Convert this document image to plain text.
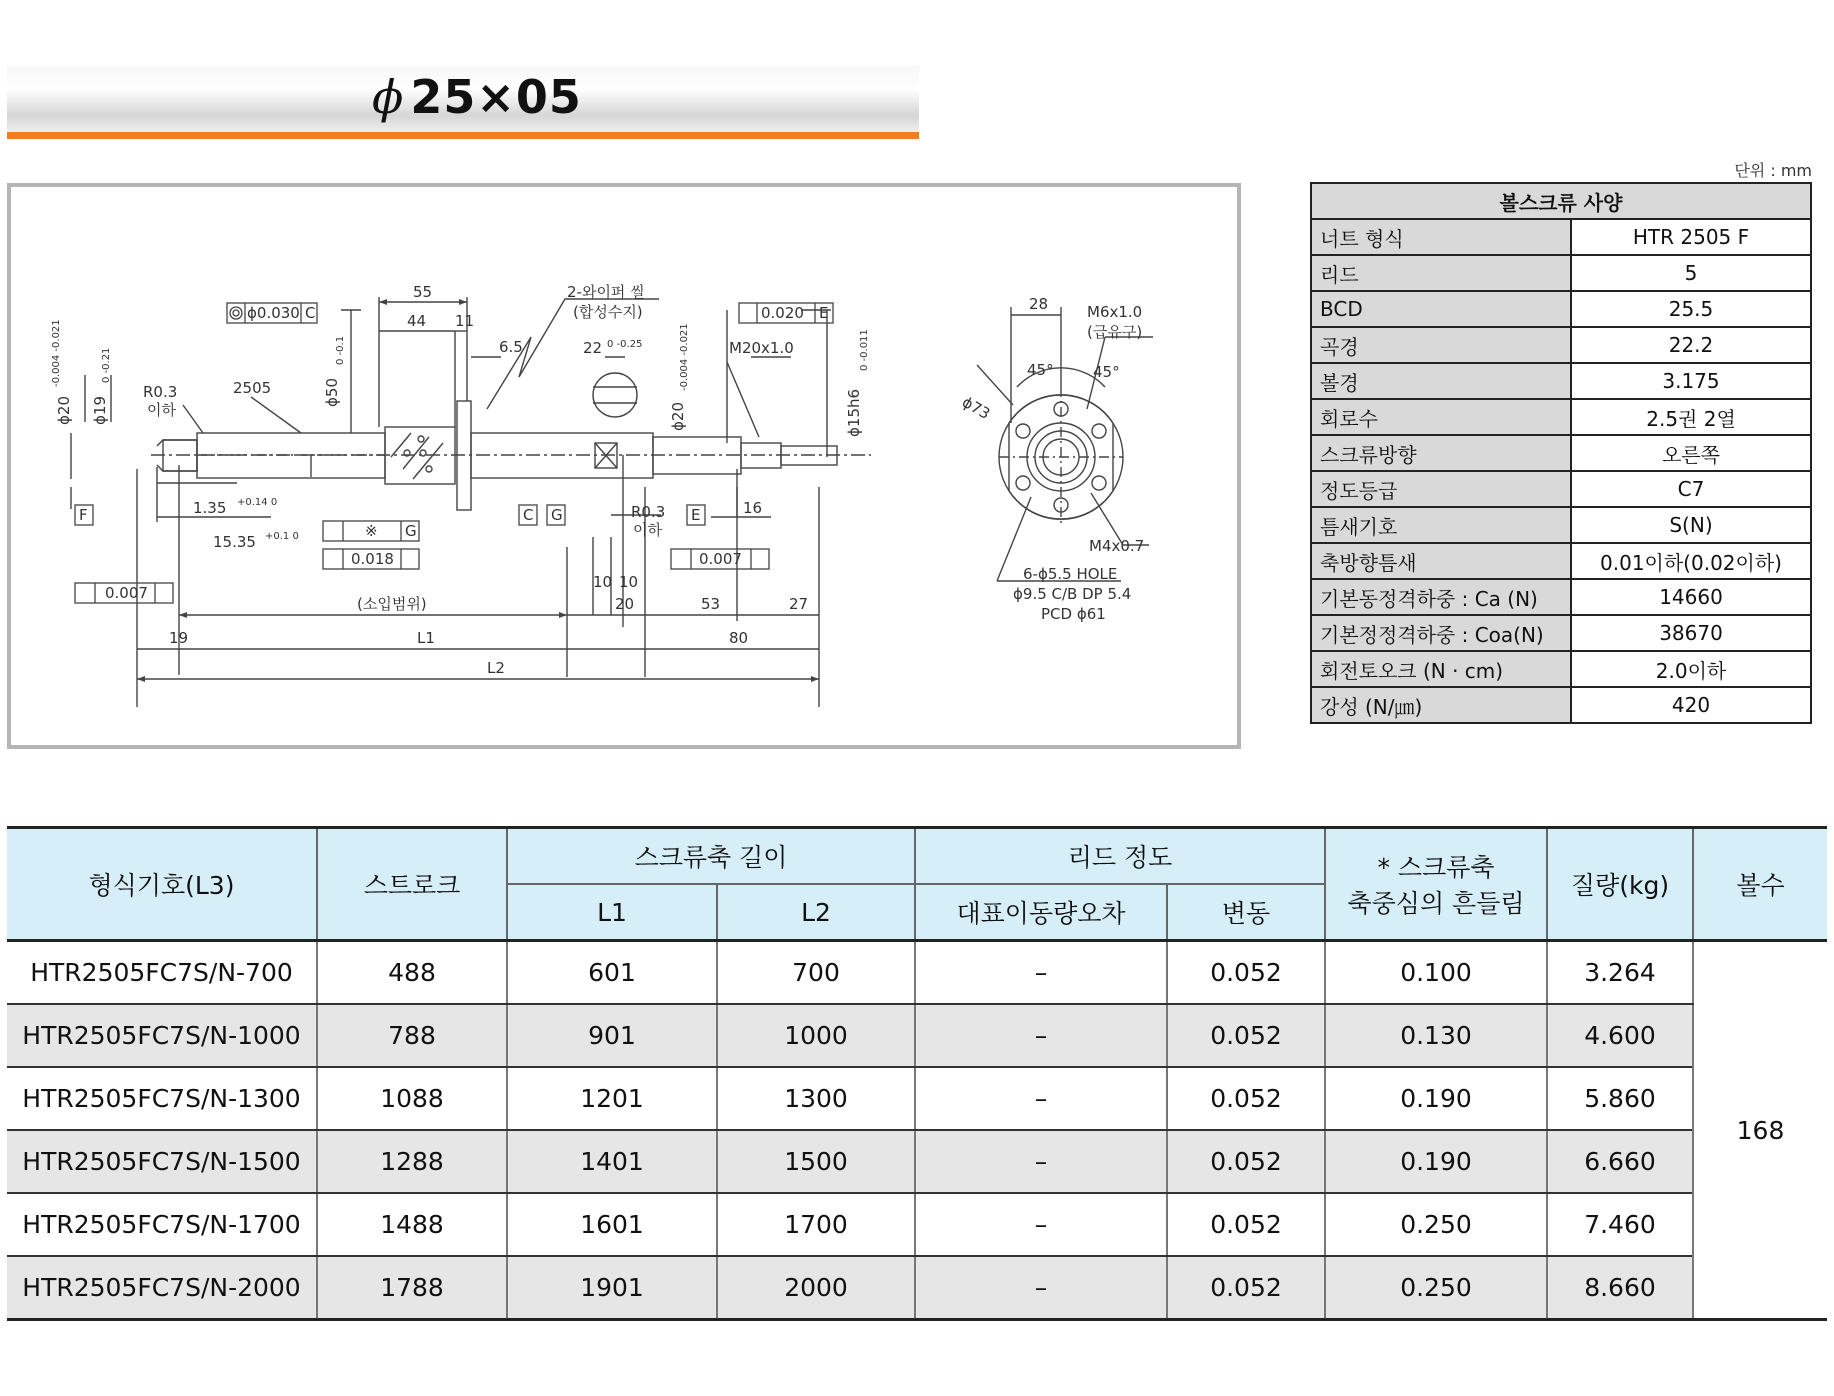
ϕ 25×05
단위 : mm
ϕ0.030 C
55
44 11
6.5
2-와이퍼 씰
(합성수지)
22 0 -0.25
0.020 E
M20x1.0
ϕ20
-0.004 -0.021
ϕ19
0 -0.21
R0.3
이하
2505	ϕ50
0 -0.1
ϕ20
-0.004 -0.021
ϕ15h6
0 -0.011
F	1.35 +0.14 0
15.35 +0.1 0	※ G
0.018
0.007
C G	R0.3
이하
E	16
0.007
10 10
(소입범위)	20	53	27
19	L1	80
L2
28	M6x1.0
(급유구)
45°	45°
ϕ73
M4x0.7
6-ϕ5.5 HOLE
ϕ9.5 C/B DP 5.4
PCD ϕ61
볼스크류 사양	
너트 형식	HTR 2505 F
리드	5
BCD	25.5
곡경	22.2
볼경	3.175
회로수	2.5권 2열
스크류방향	오른쪽
정도등급	C7
틈새기호	S(N)
축방향틈새	0.01이하(0.02이하)
기본동정격하중 : Ca (N)	14660
기본정정격하중 : Coa(N)	38670
회전토오크 (N · cm)	2.0이하
강성 (N/㎛)	420
형식기호(L3)	스트로크	스크류축 길이		리드 정도		* 스크류축
축중심의 흔들림	질량(kg)	볼수
		L1	L2	대표이동량오차	변동			
HTR2505FC7S/N-700	488	601	700	–	0.052	0.100	3.264	168
HTR2505FC7S/N-1000	788	901	1000	–	0.052	0.130	4.600	
HTR2505FC7S/N-1300	1088	1201	1300	–	0.052	0.190	5.860	
HTR2505FC7S/N-1500	1288	1401	1500	–	0.052	0.190	6.660	
HTR2505FC7S/N-1700	1488	1601	1700	–	0.052	0.250	7.460	
HTR2505FC7S/N-2000	1788	1901	2000	–	0.052	0.250	8.660	
